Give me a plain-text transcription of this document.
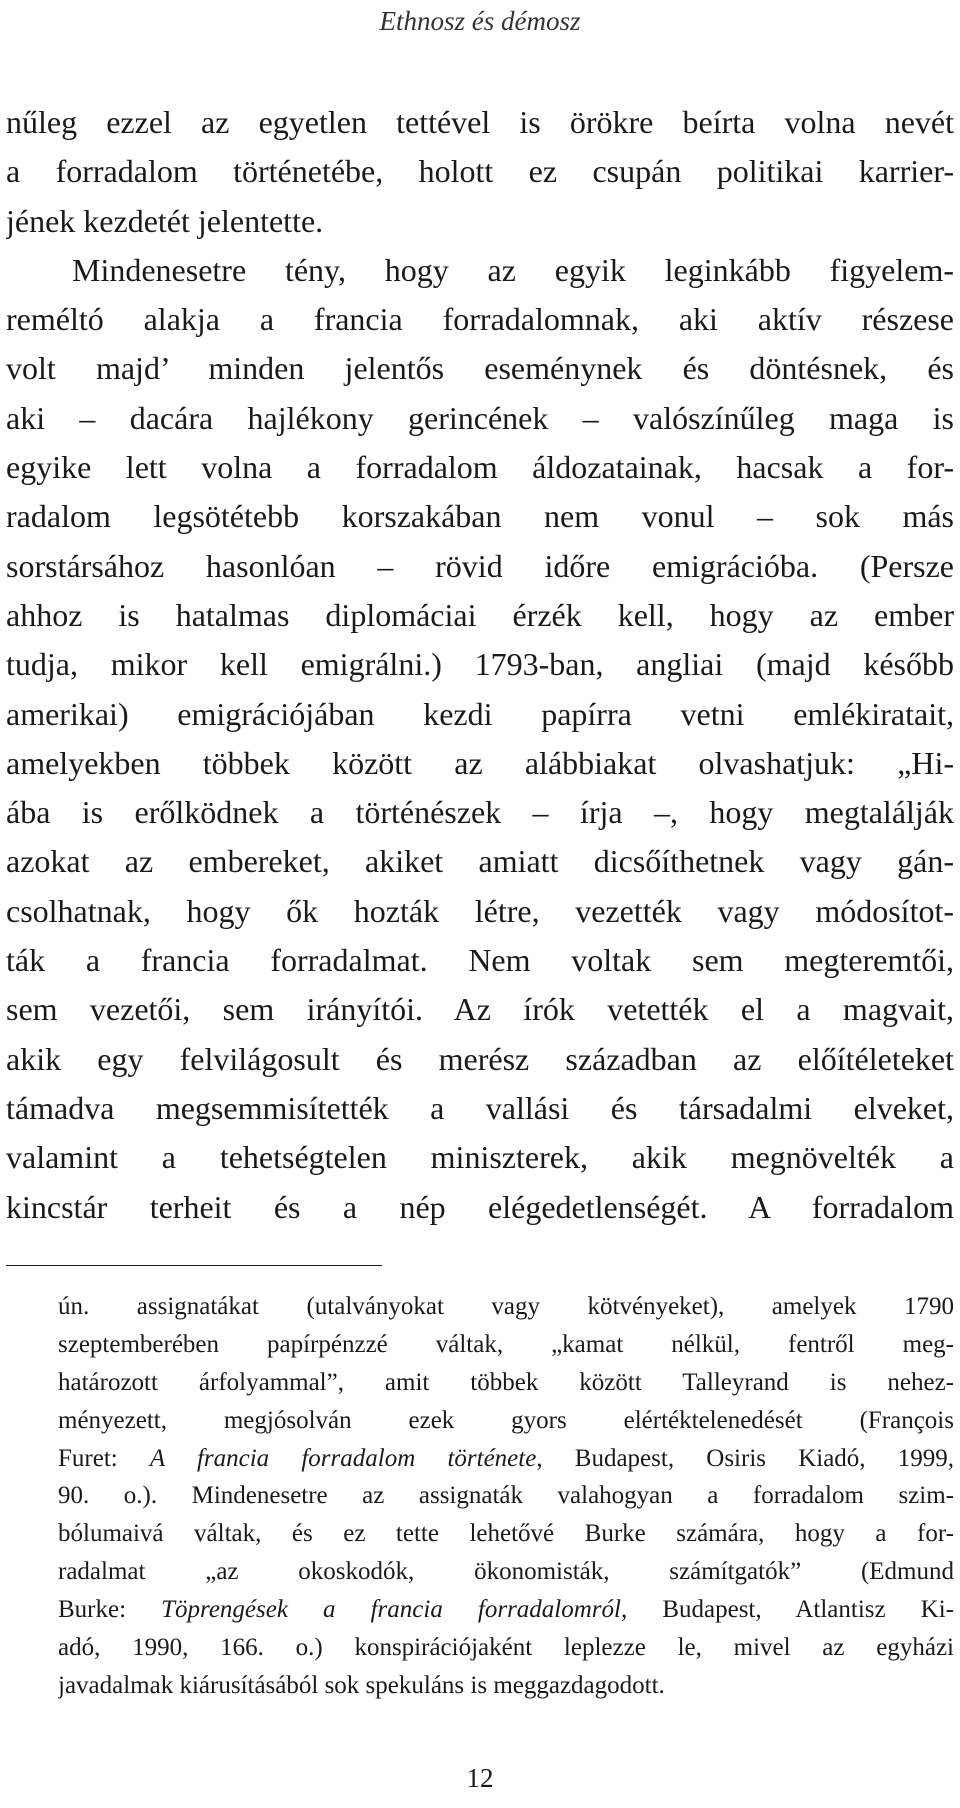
Ethnosz és démosz
nűleg ezzel az egyetlen tettével is örökre beírta volna nevét
a forradalom történetébe, holott ez csupán politikai karrier-
jének kezdetét jelentette.
Mindenesetre tény, hogy az egyik leginkább figyelem-
reméltó alakja a francia forradalomnak, aki aktív részese
volt majd’ minden jelentős eseménynek és döntésnek, és
aki – dacára hajlékony gerincének – valószínűleg maga is
egyike lett volna a forradalom áldozatainak, hacsak a for-
radalom legsötétebb korszakában nem vonul – sok más
sorstársához hasonlóan – rövid időre emigrációba. (Persze
ahhoz is hatalmas diplomáciai érzék kell, hogy az ember
tudja, mikor kell emigrálni.) 1793-ban, angliai (majd később
amerikai) emigrációjában kezdi papírra vetni emlékiratait,
amelyekben többek között az alábbiakat olvashatjuk: „Hi-
ába is erőlködnek a történészek – írja –, hogy megtalálják
azokat az embereket, akiket amiatt dicsőíthetnek vagy gán-
csolhatnak, hogy ők hozták létre, vezették vagy módosítot-
ták a francia forradalmat. Nem voltak sem megteremtői,
sem vezetői, sem irányítói. Az írók vetették el a magvait,
akik egy felvilágosult és merész században az előítéleteket
támadva megsemmisítették a vallási és társadalmi elveket,
valamint a tehetségtelen miniszterek, akik megnövelték a
kincstár terheit és a nép elégedetlenségét. A forradalom
ún. assignatákat (utalványokat vagy kötvényeket), amelyek 1790
szeptemberében papírpénzzé váltak, „kamat nélkül, fentről meg-
határozott árfolyammal”, amit többek között Talleyrand is nehez-
ményezett, megjósolván ezek gyors elértéktelenedését (François
Furet: A francia forradalom története, Budapest, Osiris Kiadó, 1999,
90. o.). Mindenesetre az assignaták valahogyan a forradalom szim-
bólumaivá váltak, és ez tette lehetővé Burke számára, hogy a for-
radalmat „az okoskodók, ökonomisták, számítgatók” (Edmund
Burke: Töprengések a francia forradalomról, Budapest, Atlantisz Ki-
adó, 1990, 166. o.) konspirációjaként leplezze le, mivel az egyházi
javadalmak kiárusításából sok spekuláns is meggazdagodott.
12
